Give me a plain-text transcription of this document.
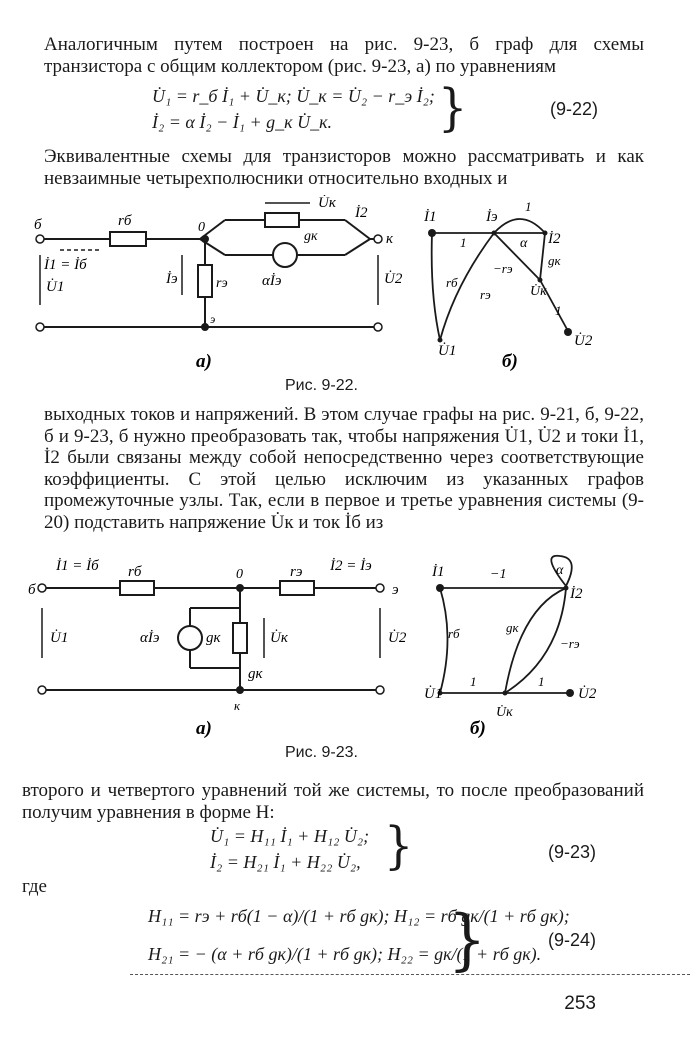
Аналогичным путем построен на рис. 9-23, б граф для схемы транзистора с общим коллектором (рис. 9-23, а) по уравнениям
U̇₁ = r_б İ₁ + U̇_к; U̇_к = U̇₂ − r_э İ₂;
İ₂ = α İ₂ − İ₁ + g_к U̇_к. }	(9-22)
Эквивалентные схемы для транзисторов можно рассматривать и как невзаимные четырехполюсники относительно входных и
б	rб	0
U̇к
İ2
gк	к
İ1 = İб
U̇1	İэ	rэ αİэ	U̇2
э
а)
İ1	İэ
İ2
1
1
α
gк
−rэ
U̇к
rб
rэ
1
U̇1
U̇2
б)
Рис. 9-22.
выходных токов и напряжений. В этом случае графы на рис. 9-21, б, 9-22, б и 9-23, б нужно преобразовать так, чтобы напряжения U̇1, U̇2 и токи İ1, İ2 были связаны между собой непосредственно через соответствующие коэффициенты. С этой целью исключим из указанных графов промежуточные узлы. Так, если в первое и третье уравнения системы (9-20) подставить напряжение U̇к и ток İб из
İ1 = İб rб	0	rэ İ2 = İэ
б	э
U̇1	αİэ	gк	U̇к	U̇2
gк
к
а)
İ1	−1	α
İ2
rб	gк
−rэ
1	1
U̇1	U̇2
U̇к
б)
Рис. 9-23.
второго и четвертого уравнений той же системы, то после преобразований получим уравнения в форме H:
U̇₁ = H₁₁ İ₁ + H₁₂ U̇₂;
İ₂ = H₂₁ İ₁ + H₂₂ U̇₂, }	(9-23)
где
H₁₁ = rэ + rб(1 − α)/(1 + rб gк); H₁₂ = rб gк/(1 + rб gк);
H₂₁ = − (α + rб gк)/(1 + rб gк); H₂₂ = gк/(1 + rб gк).
}	(9-24)
253
